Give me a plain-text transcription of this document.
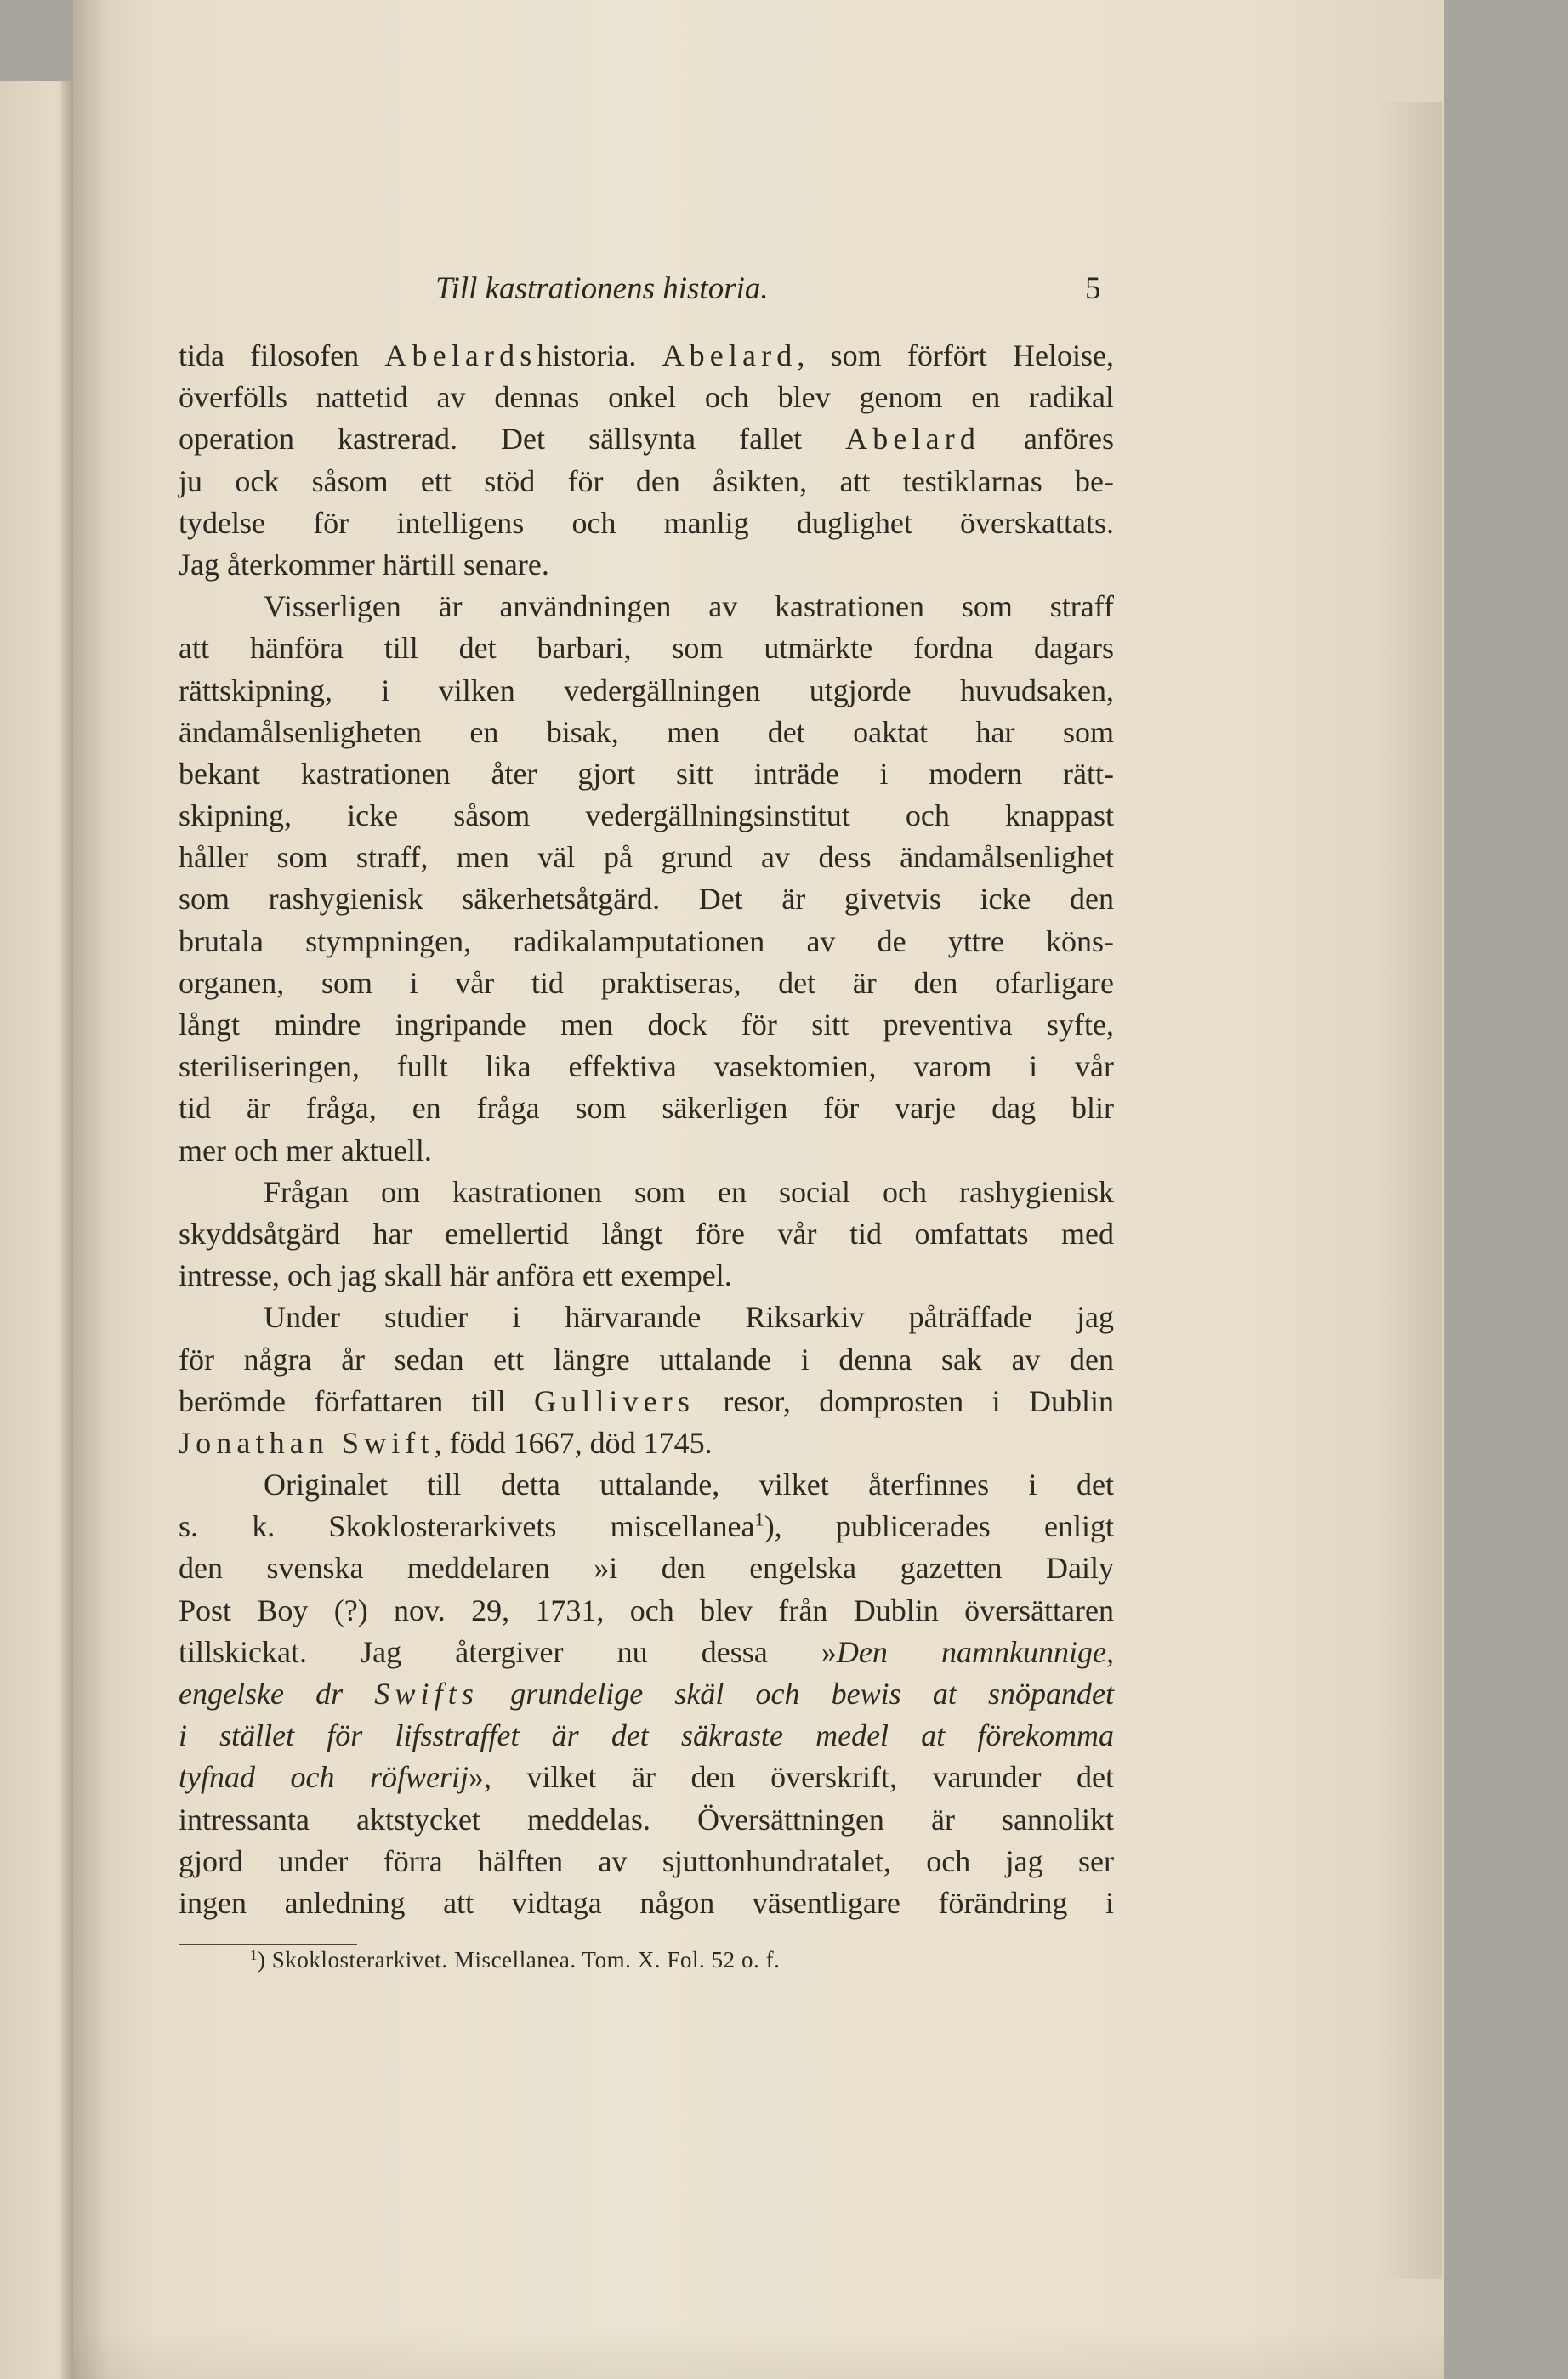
Till kastrationens historia.	5
tida filosofen Abelardshistoria. Abelard, som förfört Heloise,
överfölls nattetid av dennas onkel och blev genom en radikal
operation kastrerad. Det sällsynta fallet Abelard anföres
ju ock såsom ett stöd för den åsikten, att testiklarnas be-
tydelse för intelligens och manlig duglighet överskattats.
Jag återkommer härtill senare.
Visserligen är användningen av kastrationen som straff
att hänföra till det barbari, som utmärkte fordna dagars
rättskipning, i vilken vedergällningen utgjorde huvudsaken,
ändamålsenligheten en bisak, men det oaktat har som
bekant kastrationen åter gjort sitt inträde i modern rätt-
skipning, icke såsom vedergällningsinstitut och knappast
håller som straff, men väl på grund av dess ändamålsenlighet
som rashygienisk säkerhetsåtgärd. Det är givetvis icke den
brutala stympningen, radikalamputationen av de yttre köns-
organen, som i vår tid praktiseras, det är den ofarligare
långt mindre ingripande men dock för sitt preventiva syfte,
steriliseringen, fullt lika effektiva vasektomien, varom i vår
tid är fråga, en fråga som säkerligen för varje dag blir
mer och mer aktuell.
Frågan om kastrationen som en social och rashygienisk
skyddsåtgärd har emellertid långt före vår tid omfattats med
intresse, och jag skall här anföra ett exempel.
Under studier i härvarande Riksarkiv påträffade jag
för några år sedan ett längre uttalande i denna sak av den
berömde författaren till Gullivers resor, domprosten i Dublin
Jonathan Swift, född 1667, död 1745.
Originalet till detta uttalande, vilket återfinnes i det
s. k. Skoklosterarkivets miscellanea$^1$), publicerades enligt
den svenska meddelaren »i den engelska gazetten Daily
Post Boy (?) nov. 29, 1731, och blev från Dublin översättaren
tillskickat. Jag återgiver nu dessa »Den namnkunnige,
engelske dr Swifts grundelige skäl och bewis at snöpandet
i stället för lifsstraffet är det säkraste medel at förekomma
tyfnad och röfwerij», vilket är den överskrift, varunder det
intressanta aktstycket meddelas. Översättningen är sannolikt
gjord under förra hälften av sjuttonhundratalet, och jag ser
ingen anledning att vidtaga någon väsentligare förändring i
$^1$) Skoklosterarkivet. Miscellanea. Tom. X. Fol. 52 o. f.
